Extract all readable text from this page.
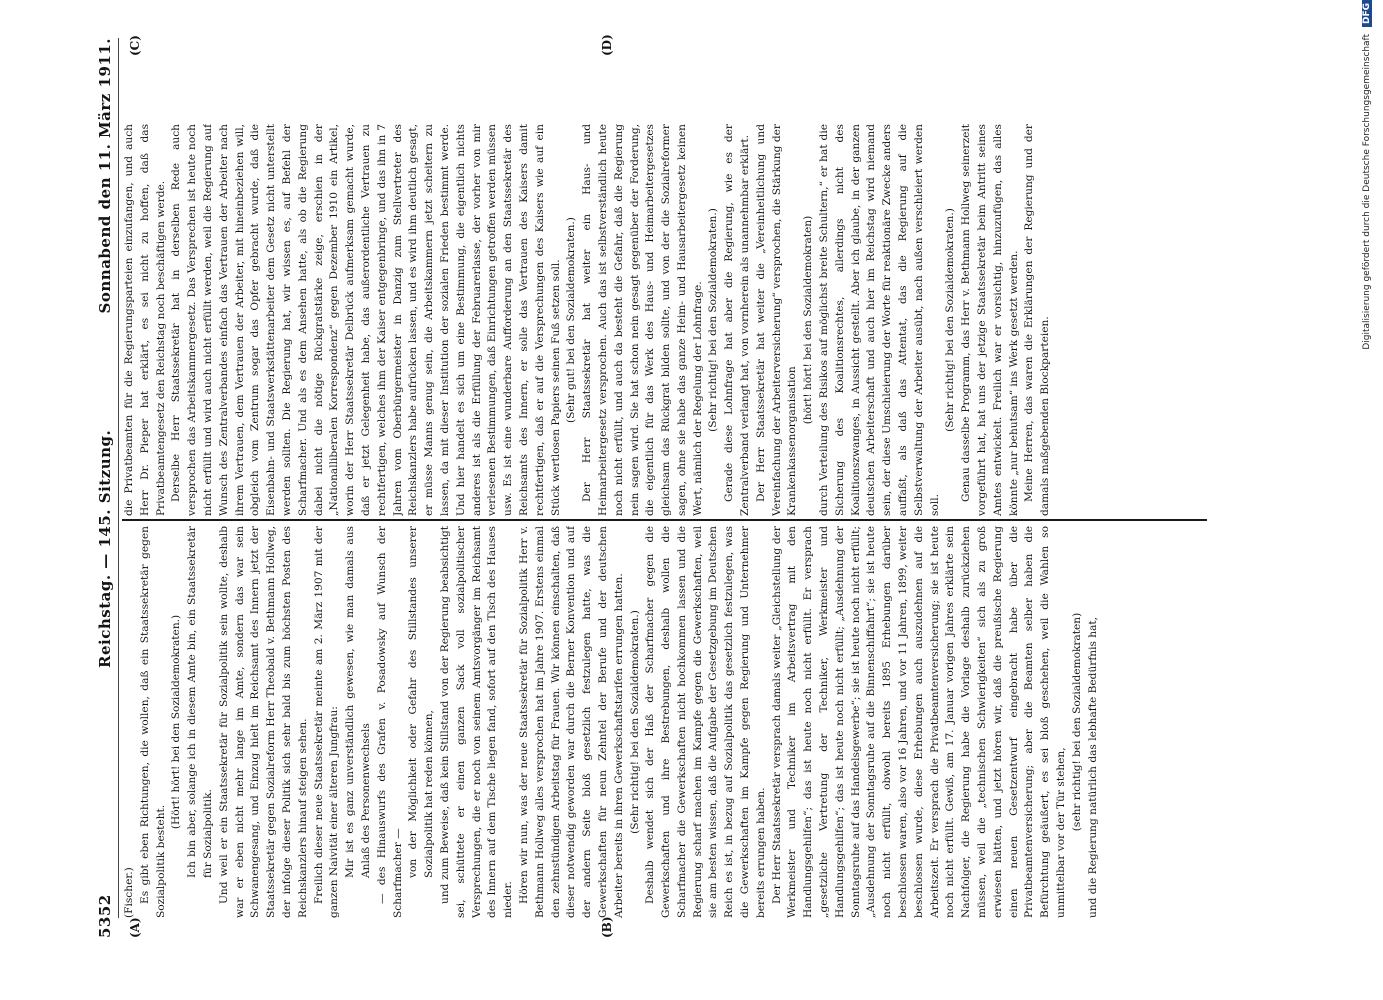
5352
Reichstag. — 145. Sitzung.
Sonnabend den 11. März 1911.
(A)	(B)
(C)	(D)

(Fischer.) Es gibt eben Richtungen, die wollen, daß ein Staatssekretär gegen Sozialpolitik besteht.

(Hört! hört! bei den Sozialdemokraten.) Ich bin aber, solange ich in diesem Amte bin, ein Staatssekretär für Sozialpolitik. Und weil er ein Staatssekretär für Sozialpolitik sein wollte, deshalb war er eben nicht mehr lange im Amte, sondern das war sein Schwanengesang, und Einzug hielt im Reichsamt des Innern jetzt der Staatssekretär gegen Sozialreform Herr Theobald v. Bethmann Hollweg, der infolge dieser Politik sich sehr bald bis zum höchsten Posten des Reichskanzlers hinauf steigen sehen. Freilich dieser neue Staatssekretär meinte am 2. März 1907 mit der ganzen Naivität einer älteren Jungfrau: Mir ist es ganz unverständlich gewesen, wie man damals aus Anlaß des Personenwechsels — des Hinauswurfs des Grafen v. Posadowsky auf Wunsch der Scharfmacher — von der Möglichkeit oder Gefahr des Stillstandes unserer Sozialpolitik hat reden können, und zum Beweise, daß kein Stillstand von der Regierung beabsichtigt sei, schüttete er einen ganzen Sack voll sozialpolitischer Versprechungen, die er noch von seinem Amtsvorgänger im Reichsamt des Innern auf dem Tische liegen fand, sofort auf den Tisch des Hauses nieder. Hören wir nun, was der neue Staatssekretär für Sozialpolitik Herr v. Bethmann Hollweg alles versprochen hat im Jahre 1907. Erstens einmal den zehnstündigen Arbeitstag für Frauen. Wir können einschalten, daß dieser notwendig geworden war durch die Berner Konvention und auf der andern Seite bloß gesetzlich festzulegen hatte, was die Gewerkschaften für neun Zehntel der Berufe und der deutschen Arbeiter bereits in ihren Gewerkschaftstarifen errungen hatten. (Sehr richtig! bei den Sozialdemokraten.) Deshalb wendet sich der Haß der Scharfmacher gegen die Gewerkschaften und ihre Bestrebungen, deshalb wollen die Scharfmacher die Gewerkschaften nicht hochkommen lassen und die Regierung scharf machen im Kampfe gegen die Gewerkschaften, weil sie am besten wissen, daß die Aufgabe der Gesetzgebung im Deutschen Reich es ist, in bezug auf Sozialpolitik das gesetzlich festzulegen, was die Gewerkschaften im Kampfe gegen Regierung und Unternehmer bereits errungen haben. Der Herr Staatssekretär versprach damals weiter „Gleichstellung der Werkmeister und Techniker im Arbeitsvertrag mit den Handlungsgehilfen“; das ist heute noch nicht erfüllt. Er versprach „gesetzliche Vertretung der Techniker, Werkmeister und Handlungsgehilfen“; das ist heute noch nicht erfüllt; „Ausdehnung der Sonntagsruhe auf das Handelsgewerbe“; sie ist heute noch nicht erfüllt; „Ausdehnung der Sonntagsruhe auf die Binnenschiffahrt“; sie ist heute noch nicht erfüllt, obwohl bereits 1895 Erhebungen darüber beschlossen waren, also vor 16 Jahren, und vor 11 Jahren, 1899, weiter beschlossen wurde, diese Erhebungen auch auszudehnen auf die Arbeitszeit. Er versprach die Privatbeamtenversicherung; sie ist heute noch nicht erfüllt. Gewiß, am 17. Januar vorigen Jahres erklärte sein Nachfolger, die Regierung habe die Vorlage deshalb zurückziehen müssen, weil die „technischen Schwierigkeiten“ sich als zu groß erwiesen hätten, und jetzt hören wir, daß die preußische Regierung einen neuen Gesetzentwurf eingebracht habe über die Privatbeamtenversicherung; aber die Beamten selber haben die Befürchtung geäußert, es sei bloß geschehen, weil die Wahlen so unmittelbar vor der Tür stehen,

(sehr richtig! bei den Sozialdemokraten) und die Regierung natürlich das lebhafte Bedürfnis hat,

die Privatbeamten für die Regierungsparteien einzufangen, und auch Herr Dr. Pieper hat erklärt, es sei nicht zu hoffen, daß das Privatbeamtengesetz den Reichstag noch beschäftigen werde. Derselbe Herr Staatssekretär hat in derselben Rede auch versprochen das Arbeitskammergesetz. Das Versprechen ist heute noch nicht erfüllt und wird auch nicht erfüllt werden, weil die Regierung auf Wunsch des Zentralverbandes einfach das Vertrauen der Arbeiter nach ihrem Vertrauen, dem Vertrauen der Arbeiter, mit hineinbeziehen will, obgleich vom Zentrum sogar das Opfer gebracht wurde, daß die Eisenbahn- und Staatswerkstättenarbeiter dem Gesetz nicht unterstellt werden sollten. Die Regierung hat, wir wissen es, auf Befehl der Scharfmacher. Und als es dem Ansehen hatte, als ob die Regierung dabei nicht die nötige Rückgratstärke zeige, erschien in der „Nationalliberalen Korrespondenz“ gegen Dezember 1910 ein Artikel, worin der Herr Staatssekretär Delbrück aufmerksam gemacht wurde, daß er jetzt Gelegenheit habe, das außerordentliche Vertrauen zu rechtfertigen, welches ihm der Kaiser entgegenbringe, und das ihn in 7 Jahren vom Oberbürgermeister in Danzig zum Stellvertreter des Reichskanzlers habe aufrücken lassen, und es wird ihm deutlich gesagt, er müsse Manns genug sein, die Arbeitskammern jetzt scheitern zu lassen, da mit dieser Institution der sozialen Frieden bestimmt werde. Und hier handelt es sich um eine Bestimmung, die eigentlich nichts anderes ist als die Erfüllung der Februarerlasse, der vorher von mir verlesenen Bestimmungen, daß Einrichtungen getroffen werden müssen usw. Es ist eine wunderbare Aufforderung an den Staatssekretär des Reichsamts des Innern, er solle das Vertrauen des Kaisers damit rechtfertigen, daß er auf die Versprechungen des Kaisers wie auf ein Stück wertlosen Papiers seinen Fuß setzen soll. (Sehr gut! bei den Sozialdemokraten.) Der Herr Staatssekretär hat weiter ein Haus- und Heimarbeitergesetz versprochen. Auch das ist selbstverständlich heute noch nicht erfüllt, und auch da besteht die Gefahr, daß die Regierung nein sagen wird. Sie hat schon nein gesagt gegenüber der Forderung, die eigentlich für das Werk des Haus- und Heimarbeitergesetzes gleichsam das Rückgrat bilden sollte, und von der die Sozialreformer sagen, ohne sie habe das ganze Heim- und Hausarbeitergesetz keinen Wert, nämlich der Regelung der Lohnfrage. (Sehr richtig! bei den Sozialdemokraten.) Gerade diese Lohnfrage hat aber die Regierung, wie es der Zentralverband verlangt hat, von vornherein als unannehmbar erklärt. Der Herr Staatssekretär hat weiter die „Vereinheitlichung und Vereinfachung der Arbeiterversicherung“ versprochen, die Stärkung der Krankenkassenorganisation

(hört! hört! bei den Sozialdemokraten) durch Verteilung des Risikos auf möglichst breite Schultern,“ er hat die Sicherung des Koalitionsrechtes, allerdings nicht des Koalitionszwanges, in Aussicht gestellt. Aber ich glaube, in der ganzen deutschen Arbeiterschaft und auch hier im Reichstag wird niemand sein, der diese Umschleierung der Worte für reaktionäre Zwecke anders auffaßt, als daß das Attentat, das die Regierung auf die Selbstverwaltung der Arbeiter ausübt, nach außen verschleiert werden soll.

(Sehr richtig! bei den Sozialdemokraten.) Genau dasselbe Programm, das Herr v. Bethmann Hollweg seinerzeit vorgeführt hat, hat uns der jetzige Staatssekretär beim Antritt seines Amtes entwickelt. Freilich war er vorsichtig, hinzuzufügen, das alles könnte „nur behutsam“ ins Werk gesetzt werden. Meine Herren, das waren die Erklärungen der Regierung und der damals maßgebenden Blockparteien.

Digitalisierung gefördert durch die Deutsche Forschungsgemeinschaft DFG
